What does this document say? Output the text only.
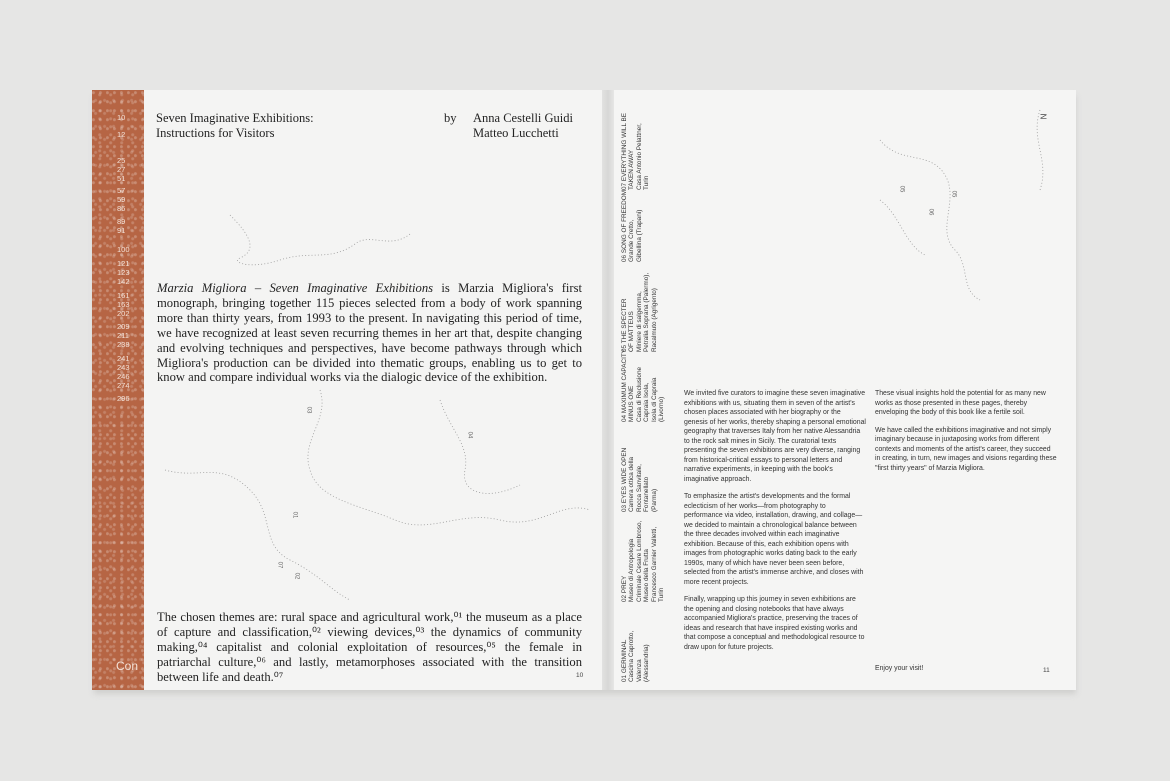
10
12
25
27
51
57
59
86
89
91
100
121
123
142
161
163
202
209
211
238
241
243
246
274
296
Con
Seven Imaginative Exhibitions:
Instructions for Visitors
by Anna Cestelli Guidi
Matteo Lucchetti
Marzia Migliora – Seven Imaginative Exhibitions is Marzia Migliora's first monograph, bringing together 115 pieces selected from a body of work spanning more than thirty years, from 1993 to the present. In navigating this period of time, we have recognized at least seven recurring themes in her art that, despite changing and evolving techniques and perspectives, have become pathways through which Migliora's production can be divided into thematic groups, enabling us to get to know and compare individual works via the dialogic device of the exhibition.
The chosen themes are: rural space and agricultural work,⁰¹ the museum as a place of capture and classification,⁰² viewing devices,⁰³ the dynamics of community making,⁰⁴ capitalist and colonial exploitation of resources,⁰⁵ the female in patriarchal culture,⁰⁶ and lastly, metamorphoses associated with the transition between life and death.⁰⁷	10
03
04
01
07
02
01 GERMINAL
Cascina Caprotto,
Valenza
(Alessandria)
02 PREY
Museo di Antropologia
Criminale Cesare Lombroso,
Museo della Frutta
Francesco Garnier Valletti,
Turin
03 EYES WIDE OPEN
Camera ottica della
Rocca Sanvitale,
Fontanellato
(Parma)
04 MAXIMUM CAPACITY
MINUS ONE
Casa di Reclusione
Capraia Isola,
Isola di Capraia
(Livorno)
05 THE SPECTER
OF MATTEUS
Miniere di salgemma,
Petralia Soprana (Palermo),
Racalmuto (Agrigento)
06 SONG OF FREEDOM
Grande Cretto,
Gibellina (Trapani)
07 EVERYTHING WILL BE
TAKEN AWAY
Casa Antonio Pelattner,
Turin

We invited five curators to imagine these seven imaginative exhibitions with us, situating them in seven of the artist's chosen places associated with her biography or the genesis of her works, thereby shaping a personal emotional geography that traverses Italy from her native Alessandria to the rock salt mines in Sicily. The curatorial texts presenting the seven exhibitions are very diverse, ranging from historical-critical essays to personal letters and narrative experiments, in keeping with the book's imaginative approach.

To emphasize the artist's developments and the formal eclecticism of her works—from photography to performance via video, installation, drawing, and collage—we decided to maintain a chronological balance between the three decades involved within each imaginative exhibition. Because of this, each exhibition opens with images from photographic works dating back to the early 1990s, many of which have never been seen before, selected from the artist's immense archive, and closes with more recent projects.

Finally, wrapping up this journey in seven exhibitions are the opening and closing notebooks that have always accompanied Migliora's practice, preserving the traces of ideas and research that have inspired existing works and that compose a conceptual and methodological resource to draw upon for future projects.

These visual insights hold the potential for as many new works as those presented in these pages, thereby enveloping the body of this book like a fertile soil.

We have called the exhibitions imaginative and not simply imaginary because in juxtaposing works from different contexts and moments of the artist's career, they succeed in creating, in turn, new images and visions regarding these "first thirty years" of Marzia Migliora.

Enjoy your visit!	11
N
05
05
06
